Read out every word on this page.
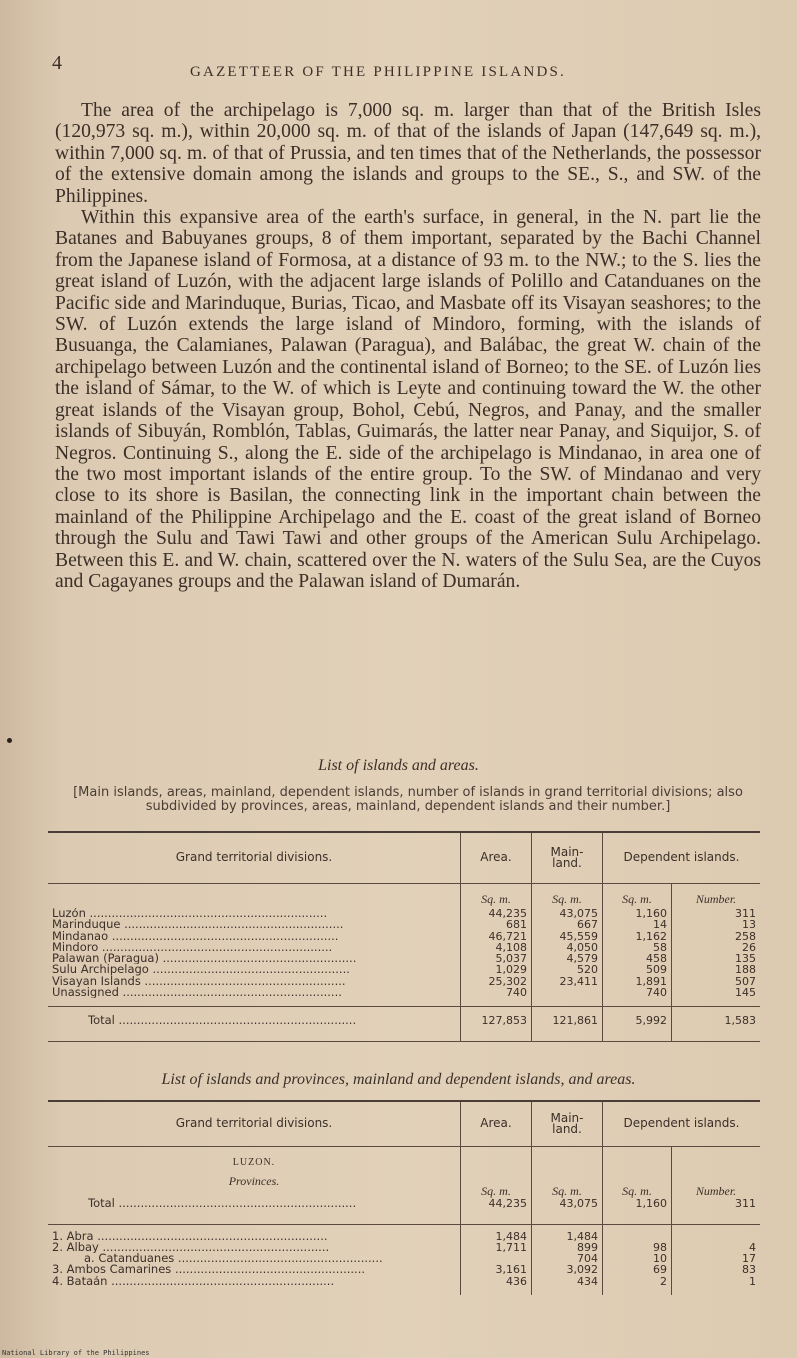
4	GAZETTEER OF THE PHILIPPINE ISLANDS.

The area of the archipelago is 7,000 sq. m. larger than that of the British Isles (120,973 sq. m.), within 20,000 sq. m. of that of the islands of Japan (147,649 sq. m.), within 7,000 sq. m. of that of Prussia, and ten times that of the Netherlands, the possessor of the extensive domain among the islands and groups to the SE., S., and SW. of the Philippines.

Within this expansive area of the earth's surface, in general, in the N. part lie the Batanes and Babuyanes groups, 8 of them important, separated by the Bachi Channel from the Japanese island of Formosa, at a distance of 93 m. to the NW.; to the S. lies the great island of Luzón, with the adjacent large islands of Polillo and Catanduanes on the Pacific side and Marinduque, Burias, Ticao, and Masbate off its Visayan seashores; to the SW. of Luzón extends the large island of Mindoro, forming, with the islands of Busuanga, the Calamianes, Palawan (Paragua), and Balábac, the great W. chain of the archipelago between Luzón and the continental island of Borneo; to the SE. of Luzón lies the island of Sámar, to the W. of which is Leyte and continuing toward the W. the other great islands of the Visayan group, Bohol, Cebú, Negros, and Panay, and the smaller islands of Sibuyán, Romblón, Tablas, Guimarás, the latter near Panay, and Siquijor, S. of Negros. Continuing S., along the E. side of the archipelago is Mindanao, in area one of the two most important islands of the entire group. To the SW. of Mindanao and very close to its shore is Basilan, the connecting link in the important chain between the mainland of the Philippine Archipelago and the E. coast of the great island of Borneo through the Sulu and Tawi Tawi and other groups of the American Sulu Archipelago. Between this E. and W. chain, scattered over the N. waters of the Sulu Sea, are the Cuyos and Cagayanes groups and the Palawan island of Dumarán.

List of islands and areas.
[Main islands, areas, mainland, dependent islands, number of islands in grand territorial divisions; also subdivided by provinces, areas, mainland, dependent islands and their number.]
Grand territorial divisions.	Area.	Main-land.	Dependent islands.	
	Sq. m.	Sq. m.	Sq. m.	Number.
Luzón .................................................................	44,235	43,075	1,160	311
Marinduque ............................................................	681	667	14	13
Mindanao ..............................................................	46,721	45,559	1,162	258
Mindoro ...............................................................	4,108	4,050	58	26
Palawan (Paragua) .....................................................	5,037	4,579	458	135
Sulu Archipelago ......................................................	1,029	520	509	188
Visayan Islands .......................................................	25,302	23,411	1,891	507
Unassigned ............................................................	740		740	145

Total .................................................................	127,853	121,861	5,992	1,583
List of islands and provinces, mainland and dependent islands, and areas.
Grand territorial divisions.	Area.	Main-land.	Dependent islands.	
LUZON.				
Provinces.	Sq. m.	Sq. m.	Sq. m.	Number.
Total .................................................................	44,235	43,075	1,160	311
1. Abra ...............................................................	1,484	1,484		
2. Albay ..............................................................	1,711	899	98	4
a. Catanduanes ........................................................		704	10	17
3. Ambos Camarines ....................................................	3,161	3,092	69	83
4. Bataán .............................................................	436	434	2	1

National Library of the Philippines
